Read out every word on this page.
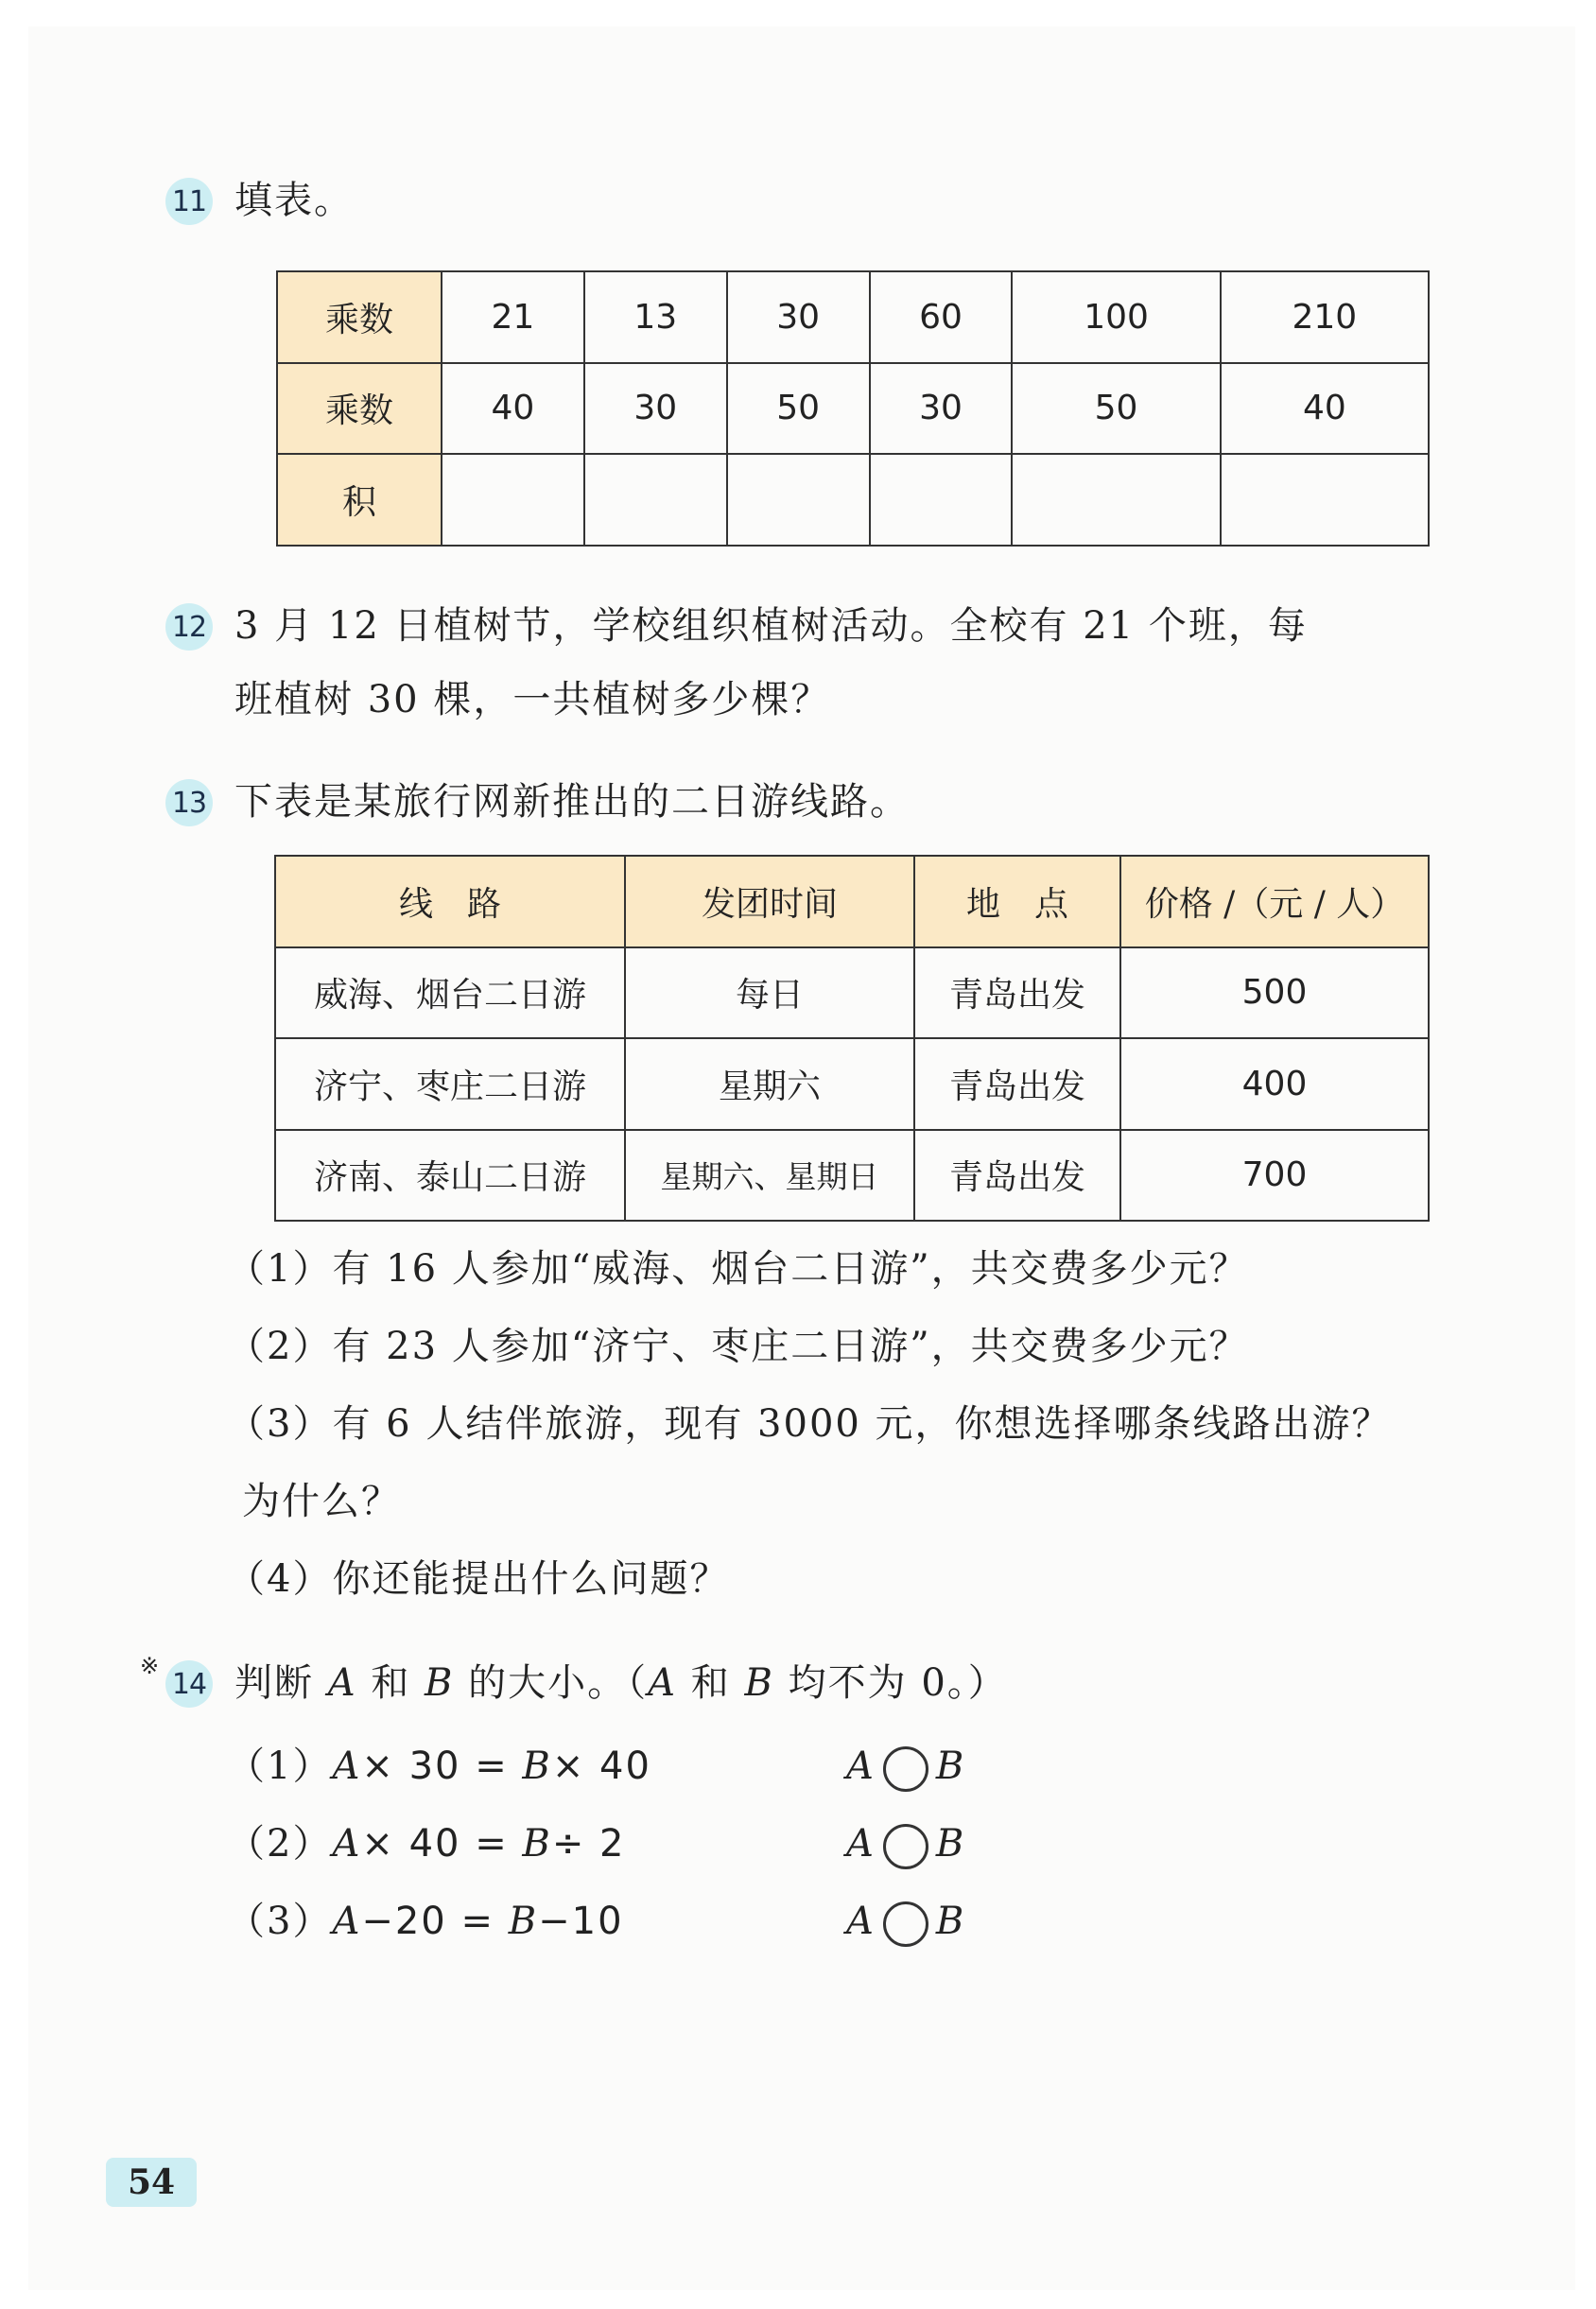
11 填表。
乘数	21	13	30	60	100	210
乘数	40	30	50	30	50	40
积						
12 3 月 12 日植树节，学校组织植树活动。全校有 21 个班，每
班植树 30 棵，一共植树多少棵？
13 下表是某旅行网新推出的二日游线路。
线　路	发团时间	地　点	价格 /（元 / 人）
威海、烟台二日游	每日	青岛出发	500
济宁、枣庄二日游	星期六	青岛出发	400
济南、泰山二日游	星期六、星期日	青岛出发	700
（1）有 16 人参加“威海、烟台二日游”，共交费多少元？
（2）有 23 人参加“济宁、枣庄二日游”，共交费多少元？
（3）有 6 人结伴旅游，现有 3000 元，你想选择哪条线路出游？
为什么？
（4）你还能提出什么问题？
※
14 判断 A 和 B 的大小。（A 和 B 均不为 0。）
（1）A× 30 = B× 40	A B
（2）A× 40 = B÷ 2	A B
（3）A−20 = B−10	A B
54
